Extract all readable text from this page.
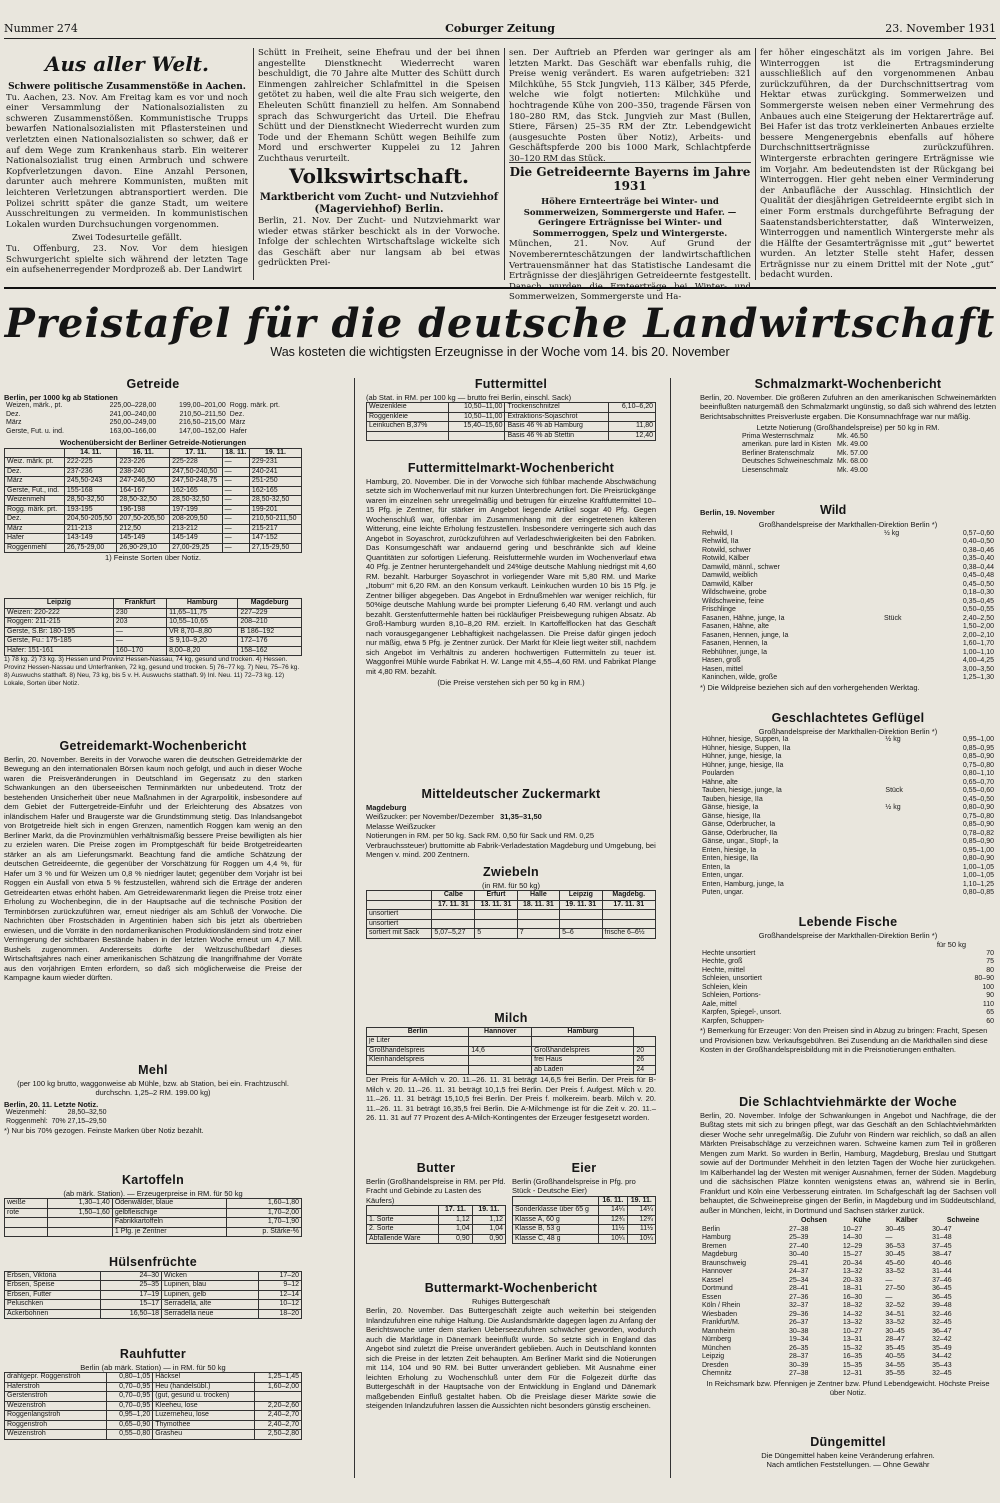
Nummer 274	Coburger Zeitung	23. November 1931
Aus aller Welt.
Schwere politische Zusammenstöße in Aachen.
Tu. Aachen, 23. Nov. Am Freitag kam es vor und noch einer Versammlung der Nationalsozialisten zu schweren Zusammenstößen. Kommunistische Trupps bewarfen Nationalsozialisten mit Pflastersteinen und verletzten einen Nationalsozialisten so schwer, daß er auf dem Wege zum Krankenhaus starb. Ein weiterer Nationalsozialist trug einen Armbruch und schwere Kopfverletzungen davon. Eine Anzahl Personen, darunter auch mehrere Kommunisten, mußten mit leichteren Verletzungen abtransportiert werden. Die Polizei schritt später die ganze Stadt, um weitere Ausschreitungen zu vermeiden. In kommunistischen Lokalen wurden Durchsuchungen vorgenommen.
Zwei Todesurteile gefällt.
Tu. Offenburg, 23. Nov. Vor dem hiesigen Schwurgericht spielte sich während der letzten Tage ein aufsehenerregender Mordprozeß ab. Der Landwirt
Schütt in Freiheit, seine Ehefrau und der bei ihnen angestellte Dienstknecht Wiederrecht waren beschuldigt, die 70 Jahre alte Mutter des Schütt durch Einmengen zahlreicher Schlafmittel in die Speisen getötet zu haben, weil die alte Frau sich weigerte, den Eheleuten Schütt finanziell zu helfen. Am Sonnabend sprach das Schwurgericht das Urteil. Die Ehefrau Schütt und der Dienstknecht Wiederrecht wurden zum Tode und der Ehemann Schütt wegen Beihilfe zum Mord und erschwerter Kuppelei zu 12 Jahren Zuchthaus verurteilt.
Volkswirtschaft.
Marktbericht vom Zucht- und Nutzviehhof (Magerviehhof) Berlin.
Berlin, 21. Nov. Der Zucht- und Nutzviehmarkt war wieder etwas stärker beschickt als in der Vorwoche. Infolge der schlechten Wirtschaftslage wickelte sich das Geschäft aber nur langsam ab bei etwas gedrückten Prei-
sen. Der Auftrieb an Pferden war geringer als am letzten Markt. Das Geschäft war ebenfalls ruhig, die Preise wenig verändert. Es waren aufgetrieben: 321 Milchkühe, 55 Stck Jungvieh, 113 Kälber, 345 Pferde, welche wie folgt notierten: Milchkühe und hochtragende Kühe von 200–350, tragende Färsen von 180–280 RM, das Stck. Jungvieh zur Mast (Bullen, Stiere, Färsen) 25–35 RM der Ztr. Lebendgewicht (ausgesuchte Posten über Notiz), Arbeits- und Geschäftspferde 200 bis 1000 Mark, Schlachtpferde 30–120 RM das Stück.
Die Getreideernte Bayerns im Jahre 1931
Höhere Ernteerträge bei Winter- und Sommerweizen, Sommergerste und Hafer. — Geringere Erträgnisse bei Winter- und Sommerroggen, Spelz und Wintergerste.
München, 21. Nov. Auf Grund der Novemberernteschätzungen der landwirtschaftlichen Vertrauensmänner hat das Statistische Landesamt die Erträgnisse der diesjährigen Getreideernte festgestellt. Danach wurden die Ernteerträge bei Winter- und Sommerweizen, Sommergerste und Ha-
fer höher eingeschätzt als im vorigen Jahre. Bei Winterroggen ist die Ertragsminderung ausschließlich auf den vorgenommenen Anbau zurückzuführen, da der Durchschnittsertrag vom Hektar etwas zurückging. Sommerweizen und Sommergerste weisen neben einer Vermehrung des Anbaues auch eine Steigerung der Hektarerträge auf. Bei Hafer ist das trotz verkleinerten Anbaues erzielte bessere Mengenergebnis ebenfalls auf höhere Durchschnittserträgnisse zurückzuführen. Wintergerste erbrachten geringere Erträgnisse wie im Vorjahr. Am bedeutendsten ist der Rückgang bei Winterroggen. Hier geht neben einer Verminderung der Anbaufläche der Ausschlag. Hinsichtlich der Qualität der diesjährigen Getreideernte ergibt sich in einer Form erstmals durchgeführte Befragung der Saatenstandsberichterstatter, daß Winterweizen, Winterroggen und namentlich Wintergerste mehr als die Hälfte der Gesamterträgnisse mit „gut“ bewertet wurden. An letzter Stelle steht Hafer, dessen Erträgnisse nur zu einem Drittel mit der Note „gut“ bedacht wurden.
Preistafel für die deutsche Landwirtschaft
Was kosteten die wichtigsten Erzeugnisse in der Woche vom 14. bis 20. November
Getreide
Berlin, per 1000 kg ab Stationen
Weizen, märk., pt.	225,00–228,00	199,00–201,00	Rogg. märk. prt.
Dez.	241,00–240,00	210,50–211,50	Dez.
März	250,00–249,00	216,50–215,00	März
Gerste, Fut. u. ind.	163,00–166,00	147,00–152,00	Hafer
Wochenübersicht der Berliner Getreide-Notierungen
	14. 11.	16. 11.	17. 11.	18. 11.	19. 11.
Weiz. märk. pt.	222-225	223-226	225-228	—	229-231
Dez.	237-236	238-240	247,50-240,50	—	240-241
März	245,50-243	247-246,50	247,50-248,75	—	251-250
Gerste, Fut., ind.	155-168	164-167	162-165	—	162-165
Weizenmehl	28,50-32,50	28,50-32,50	28,50-32,50	—	28,50-32,50
Rogg. märk. prt.	193-195	196-198	197-199	—	199-201
Dez.	204,50-205,50	207,50-205,50	208-209,50	—	210,50-211,50
März	211-213	212,50	213-212	—	215-217
Hafer	143-149	145-149	145-149	—	147-152
Roggenmehl	26,75-29,00	26,90-29,10	27,00-29,25	—	27,15-29,50
1) Feinste Sorten über Notiz.
Leipzig	Frankfurt	Hamburg	Magdeburg
Weizen: 220-222	230	11,65–11,75	227–229
Roggen: 211-215	203	10,55–10,65	208–210
Gerste, S.Br: 180-195	—	VR 8,70–8,80	B 186–192
Gerste, Fu.: 175-185	—	S 9,10–9,20	172–176
Hafer: 151-161	160–170	8,00–8,20	158–162
1) 78 kg. 2) 73 kg. 3) Hessen und Provinz Hessen-Nassau, 74 kg, gesund und trocken. 4) Hessen. Provinz Hessen-Nassau und Unterfranken, 72 kg, gesund und trocken. 5) 76–77 kg. 7) Neu, 75–76 kg. 8) Auswuchs statthaft. 8) Neu, 73 kg, bis 5 v. H. Auswuchs statthaft. 9) Inl. Neu. 11) 72–73 kg. 12) Lokale, Sorten über Notiz.
Getreidemarkt-Wochenbericht

Berlin, 20. November. Bereits in der Vorwoche waren die deutschen Getreidemärkte der Bewegung an den internationalen Börsen kaum noch gefolgt, und auch in dieser Woche waren die Preisveränderungen in Deutschland im Gegensatz zu den starken Schwankungen an den überseeischen Terminmärkten nur unbedeutend. Trotz der bestehenden Unsicherheit über neue Maßnahmen in der Agrarpolitik, insbesondere auf dem Gebiet der Futtergetreide-Einfuhr und der Erleichterung des Absatzes von inländischem Hafer und Braugerste war die Grundstimmung stetig. Das Inlandsangebot von Brotgetreide hielt sich in engen Grenzen, namentlich Roggen kam wenig an den Berliner Markt, da die Provinzmühlen verhältnismäßig bessere Preise bewilligten als hier zu erzielen waren. Die Preise zogen im Promptgeschäft für beide Brotgetreidearten stärker an als am Lieferungsmarkt. Beachtung fand die amtliche Schätzung der deutschen Getreideernte, die gegenüber der Vorschätzung für Roggen um 4,4 %, für Hafer um 3 % und für Weizen um 0,8 % niedriger lautet; gegenüber dem Vorjahr ist bei Roggen ein Ausfall von etwa 5 % festzustellen, während sich die Erträge der anderen Getreidearten etwas erhöht haben. Am Getreidewarenmarkt liegen die Preise trotz einer Erholung zu Wochenbeginn, die in der Hauptsache auf die technische Position der Terminbörsen zurückzuführen war, erneut niedriger als am Schluß der Vorwoche. Die Nachrichten über Frostschäden in Argentinien haben sich bis jetzt als übertrieben erwiesen, und die Vorräte in den nordamerikanischen Produktionsländern sind trotz einer Verringerung der sichtbaren Bestände haben in der letzten Woche erneut um 4,7 Mill. Bushels zugenommen. Andererseits dürfte der Weltzuschußbedarf dieses Wirtschaftsjahres nach einer amerikanischen Schätzung die Inangriffnahme der Vorräte aus den vorjährigen Ernten erfordern, so daß sich möglicherweise die Preise der Kampagne kaum wieder dürften.

Mehl

(per 100 kg brutto, waggonweise ab Mühle, bzw. ab Station, bei ein. Frachtzuschl. durchschn. 1,25–2 RM. 199.00 kg)

Berlin, 20. 11. Letzte Notiz.
Weizenmehl:	28,50–32,50
Roggenmehl:	70% 27,15–29,50
*) Nur bis 70% gezogen. Feinste Marken über Notiz bezahlt.
Kartoffeln
(ab märk. Station). — Erzeugerpreise in RM. für 50 kg
weiße	1,30–1,40	Odenwälder, blaue	1,60–1,80
rote	1,50–1,60	gelbfleischige	1,70–2,00
		Fabrikkartoffeln	1,70–1,90
		1 Pfg. je Zentner	p. Stärke-%
Hülsenfrüchte
Erbsen, Viktoria	24–30	Wicken	17–20
Erbsen, Speise	25–35	Lupinen, blau	9–12
Erbsen, Futter	17–19	Lupinen, gelb	12–14
Peluschken	15–17	Serradella, alte	10–12
Ackerbohnen	16,50–18	Serradella neue	18–20
Rauhfutter
Berlin (ab märk. Station) — in RM. für 50 kg
drahtgepr. Roggenstroh	0,80–1,05	Häcksel	1,25–1,45
Haferstroh	0,70–0,95	Heu (handelsübl.)	1,60–2,00
Gerstenstroh	0,70–0,95	(gut, gesund u. trocken)	
Weizenstroh	0,70–0,95	Kleeheu, lose	2,20–2,60
Roggenlangstroh	0,95–1,20	Luzerneheu, lose	2,40–2,70
Roggenstroh	0,65–0,90	Thymothee	2,40–2,70
Weizenstroh	0,55–0,80	Grasheu	2,50–2,80
Futtermittel
(ab Stat. in RM. per 100 kg — brutto frei Berlin, einschl. Sack)
Weizenkleie	10,50–11,00	Trockenschnitzel	6,10–6,20
Roggenkleie	10,50–11,00	Extraktions-Sojaschrot	
Leinkuchen B,37%	15,40–15,60	Basis 46 % ab Hamburg	11,80
		Basis 46 % ab Stettin	12,40
Futtermittelmarkt-Wochenbericht

Hamburg, 20. November. Die in der Vorwoche sich fühlbar machende Abschwächung setzte sich im Wochenverlauf mit nur kurzen Unterbrechungen fort. Die Preisrückgänge waren im einzelnen sehr unregelmäßig und betrugen für einzelne Kraftfuttermittel 10–15 Pfg. je Zentner, für stärker im Angebot liegende Artikel sogar 40 Pfg. Gegen Wochenschluß war, offenbar im Zusammenhang mit der eingetretenen kälteren Witterung, eine leichte Erholung festzustellen. Insbesondere verringerte sich auch das Angebot in Soyaschrot, zurückzuführen auf Verladeschwierigkeiten bei den Fabriken. Das Konsumgeschäft war andauernd gering und beschränkte sich auf kleine Quantitäten zur sofortigen Lieferung. Reisfuttermehle wurden im Wochenverlauf etwa 40 Pfg. je Zentner heruntergehandelt und 24%ige deutsche Mahlung niedrigst mit 4,60 RM. bezahlt. Harburger Soyaschrot in vorliegender Ware mit 5,80 RM. und Marke „Itobum“ mit 6,20 RM. an den Konsum verkauft. Leinkuchen wurden 10 bis 15 Pfg. je Zentner billiger abgegeben. Das Angebot in Erdnußmehlen war weniger reichlich, für 50%ige deutsche Mahlung wurde bei prompter Lieferung 6,40 RM. verlangt und auch bezahlt. Gerstenfuttermehle hatten bei rückläufiger Preisbewegung ruhigen Absatz. Ab Groß-Hamburg wurden 8,10–8,20 RM. erzielt. In Kartoffelflocken hat das Geschäft nach vorausgegangener Lebhaftigkeit nachgelassen. Die Preise dafür gingen jedoch nur mäßig, etwa 5 Pfg. je Zentner zurück. Der Markt für Kleie liegt weiter still, nachdem sich Angebot im Verhältnis zu anderen hochwertigen Futtermitteln zu teuer ist. Waggonfrei Mühle wurde Fabrikat H. W. Lange mit 4,55–4,60 RM. und Fabrikat Plange mit 4,80 RM. bezahlt.

(Die Preise verstehen sich per 50 kg in RM.)
Mitteldeutscher Zuckermarkt
Magdeburg
Weißzucker: per November/Dezember 31,35–31,50
Melasse Weißzucker
Notierungen in RM. per 50 kg. Sack RM. 0,50 für Sack und RM. 0,25 Verbrauchssteuer) bruttomitte ab Fabrik-Verladestation Magdeburg und Umgebung, bei Mengen v. mind. 200 Zentnern.
Zwiebeln
(in RM. für 50 kg)
	Calbe	Erfurt	Halle	Leipzig	Magdebg.
	17. 11. 31	13. 11. 31	18. 11. 31	19. 11. 31	17. 11. 31
unsortiert					
unsortiert					
sortiert mit Sack	5,07–5,27	5	7	5–6	frische 6–6½
Milch
Berlin	Hannover	Hamburg	
je Liter			
Großhandelspreis	14,6	Großhandelspreis	20
Kleinhandelspreis		frei Haus	26
		ab Laden	24

Der Preis für A-Milch v. 20. 11.–26. 11. 31 beträgt 14,6,5 frei Berlin. Der Preis für B-Milch v. 20. 11.–26. 11. 31 beträgt 10,1,5 frei Berlin. Der Preis f. Aufgest. Milch v. 20. 11.–26. 11. 31 beträgt 15,10,5 frei Berlin. Der Preis f. molkereim. bearb. Milch v. 20. 11.–26. 11. 31 beträgt 16,35,5 frei Berlin. Die A-Milchmenge ist für die Zeit v. 20. 11.–26. 11. 31 auf 77 Prozent des A-Milch-Kontingentes der Erzeuger festgesetzt worden.

Butter
Berlin (Großhandelspreise in RM. per Pfd. Fracht und Gebinde zu Lasten des Käufers)
	17. 11.	19. 11.
1. Sorte	1,12	1,12
2. Sorte	1,04	1,04
Abfallende Ware	0,90	0,90
Eier
Berlin (Großhandelspreise in Pfg. pro Stück - Deutsche Eier)
	16. 11.	19. 11.
Sonderklasse über 65 g	14¼	14¼
Klasse A, 60 g	12¾	12¾
Klasse B, 53 g	11½	11½
Klasse C, 48 g	10¼	10¼
Buttermarkt-Wochenbericht
Ruhiges Buttergeschäft

Berlin, 20. November. Das Buttergeschäft zeigte auch weiterhin bei steigenden Inlandzufuhren eine ruhige Haltung. Die Auslandsmärkte dagegen lagen zu Anfang der Berichtswoche unter dem starken Ueberseezufuhren schwächer geworden, wodurch auch die Marktlage in Dänemark beeinflußt wurde. So setzte sich in England das Angebot sind zuletzt die Preise unverändert geblieben. Auch in Deutschland konnten sich die Preise in der letzten Zeit behaupten. Am Berliner Markt sind die Notierungen mit 114, 104 und 90 RM. bei Butter unverändert geblieben. Mit Ausnahme einer leichten Erholung zu Wochenschluß unter dem Für die Folgezeit dürfte das Buttergeschäft in der Hauptsache von der Entwicklung in England und Dänemark maßgebenden Einfluß gestaltet haben. Ob die Preislage dieser Märkte sowie die steigenden Inlandzufuhren lassen die Aussichten nicht besonders günstig erscheinen.

Schmalzmarkt-Wochenbericht

Berlin, 20. November. Die größeren Zufuhren an den amerikanischen Schweinemärkten beeinflußten naturgemäß den Schmalzmarkt ungünstig, so daß sich während des letzten Berichtsabschnittes Preisverluste ergaben. Die Konsumnachfrage war nur mäßig.

Letzte Notierung (Großhandelspreise) per 50 kg in RM.
Prima Westernschmalz	Mk. 46.50
amerikan. pure lard in Kisten	Mk. 49.00
Berliner Bratenschmalz	Mk. 57.00
Deutsches Schweineschmalz	Mk. 68.00
Liesenschmalz	Mk. 49.00
Berlin, 19. November	Wild
Großhandelspreise der Markthallen-Direktion Berlin *)
Rehwild, I	½ kg	0,57–0,60
Rehwild, IIa		0,40–0,50
Rotwild, schwer		0,38–0,46
Rotwild, Kälber		0,35–0,40
Damwild, männl., schwer		0,38–0,44
Damwild, weiblich		0,45–0,48
Damwild, Kälber		0,45–0,50
Wildschweine, grobe		0,18–0,30
Wildschweine, feine		0,35–0,45
Frischlinge		0,50–0,55
Fasanen, Hähne, junge, Ia	Stück	2,40–2,50
Fasanen, Hähne, alte		1,50–2,00
Fasanen, Hennen, junge, Ia		2,00–2,10
Fasanen, Hennen, Ia		1,60–1,70
Rebhühner, junge, Ia		1,00–1,10
Hasen, groß		4,00–4,25
Hasen, mittel		3,00–3,50
Kaninchen, wilde, große		1,25–1,30
*) Die Wildpreise beziehen sich auf den vorhergehenden Werktag.
Geschlachtetes Geflügel
Großhandelspreise der Markthallen-Direktion Berlin *)
Hühner, hiesige, Suppen, Ia	½ kg	0,95–1,00
Hühner, hiesige, Suppen, IIa		0,85–0,95
Hühner, junge, hiesige, Ia		0,85–0,90
Hühner, junge, hiesige, IIa		0,75–0,80
Poularden		0,80–1,10
Hähne, alte		0,65–0,70
Tauben, hiesige, junge, Ia	Stück	0,55–0,60
Tauben, hiesige, IIa		0,45–0,50
Gänse, hiesige, Ia	½ kg	0,80–0,90
Gänse, hiesige, IIa		0,75–0,80
Gänse, Oderbrucher, Ia		0,85–0,90
Gänse, Oderbrucher, IIa		0,78–0,82
Gänse, ungar., Stopf-, Ia		0,85–0,90
Enten, hiesige, Ia		0,95–1,00
Enten, hiesige, IIa		0,80–0,90
Enten, Ia		1,00–1,05
Enten, ungar.		1,00–1,05
Enten, Hamburg, junge, Ia		1,10–1,25
Puten, ungar.		0,80–0,85
Lebende Fische
Großhandelspreise der Markthallen-Direktion Berlin *)
für 50 kg
Hechte unsortiert	70
Hechte, groß	75
Hechte, mittel	80
Schleien, unsortiert	80–90
Schleien, klein	100
Schleien, Portions-	90
Aale, mittel	110
Karpfen, Spiegel-, unsort.	65
Karpfen, Schuppen-	60
*) Bemerkung für Erzeuger: Von den Preisen sind in Abzug zu bringen: Fracht, Spesen und Provisionen bzw. Verkaufsgebühren. Bei Zusendung an die Markthallen sind diese Kosten in der Großhandelspreisbildung mit in die Preisnotierungen enthalten.
Die Schlachtviehmärkte der Woche

Berlin, 20. November. Infolge der Schwankungen in Angebot und Nachfrage, die der Bußtag stets mit sich zu bringen pflegt, war das Geschäft an den Schlachtviehmärkten dieser Woche sehr unregelmäßig. Die Zufuhr von Rindern war reichlich, so daß an allen Märkten Preisabschläge zu verzeichnen waren. Schweine kamen zum Teil in größeren Mengen zum Markt. So wurden in Berlin, Hamburg, Magdeburg, Breslau und Stuttgart sowie auf der Dortmunder Mehrheit in den letzten Tagen der Woche hier zurückgehen. Im Kälberhandel lag der Westen mit weniger Ausnahmen, ferner der Süden. Magdeburg und die sächsischen Plätze konnten wenigstens etwas an, während sie in Berlin, Frankfurt und Köln eine Verbesserung eintraten. Im Schafgeschäft lag der Sachsen voll behauptet, die Schweinepreise gingen der Berlin, in Magdeburg und im Süddeutschland, außer in München, leicht, in Dortmund und Sachsen stärker zurück.

	Ochsen	Kühe	Kälber	Schweine
Berlin	27–38	10–27	30–45	30–47
Hamburg	25–39	14–30	—	31–48
Bremen	27–40	12–29	36–53	37–45
Magdeburg	30–40	15–27	30–45	38–47
Braunschweig	29–41	20–34	45–60	40–46
Hannover	24–37	13–32	33–52	31–44
Kassel	25–34	20–33	—	37–46
Dortmund	28–41	18–31	27–50	36–45
Essen	27–36	16–30	—	36–45
Köln / Rhein	32–37	18–32	32–52	39–48
Wiesbaden	29–36	14–32	34–51	32–46
Frankfurt/M.	26–37	13–32	33–52	32–45
Mannheim	30–38	10–27	30–45	36–47
Nürnberg	19–34	13–31	28–47	32–42
München	26–35	15–32	35–45	35–49
Leipzig	28–37	16–35	40–55	34–42
Dresden	30–39	15–35	34–55	35–43
Chemnitz	27–38	12–31	35–55	32–45
In Reichsmark bzw. Pfennigen je Zentner bzw. Pfund Lebendgewicht. Höchste Preise über Notiz.
Düngemittel
Die Düngemittel haben keine Veränderung erfahren.
Nach amtlichen Feststellungen. — Ohne Gewähr
